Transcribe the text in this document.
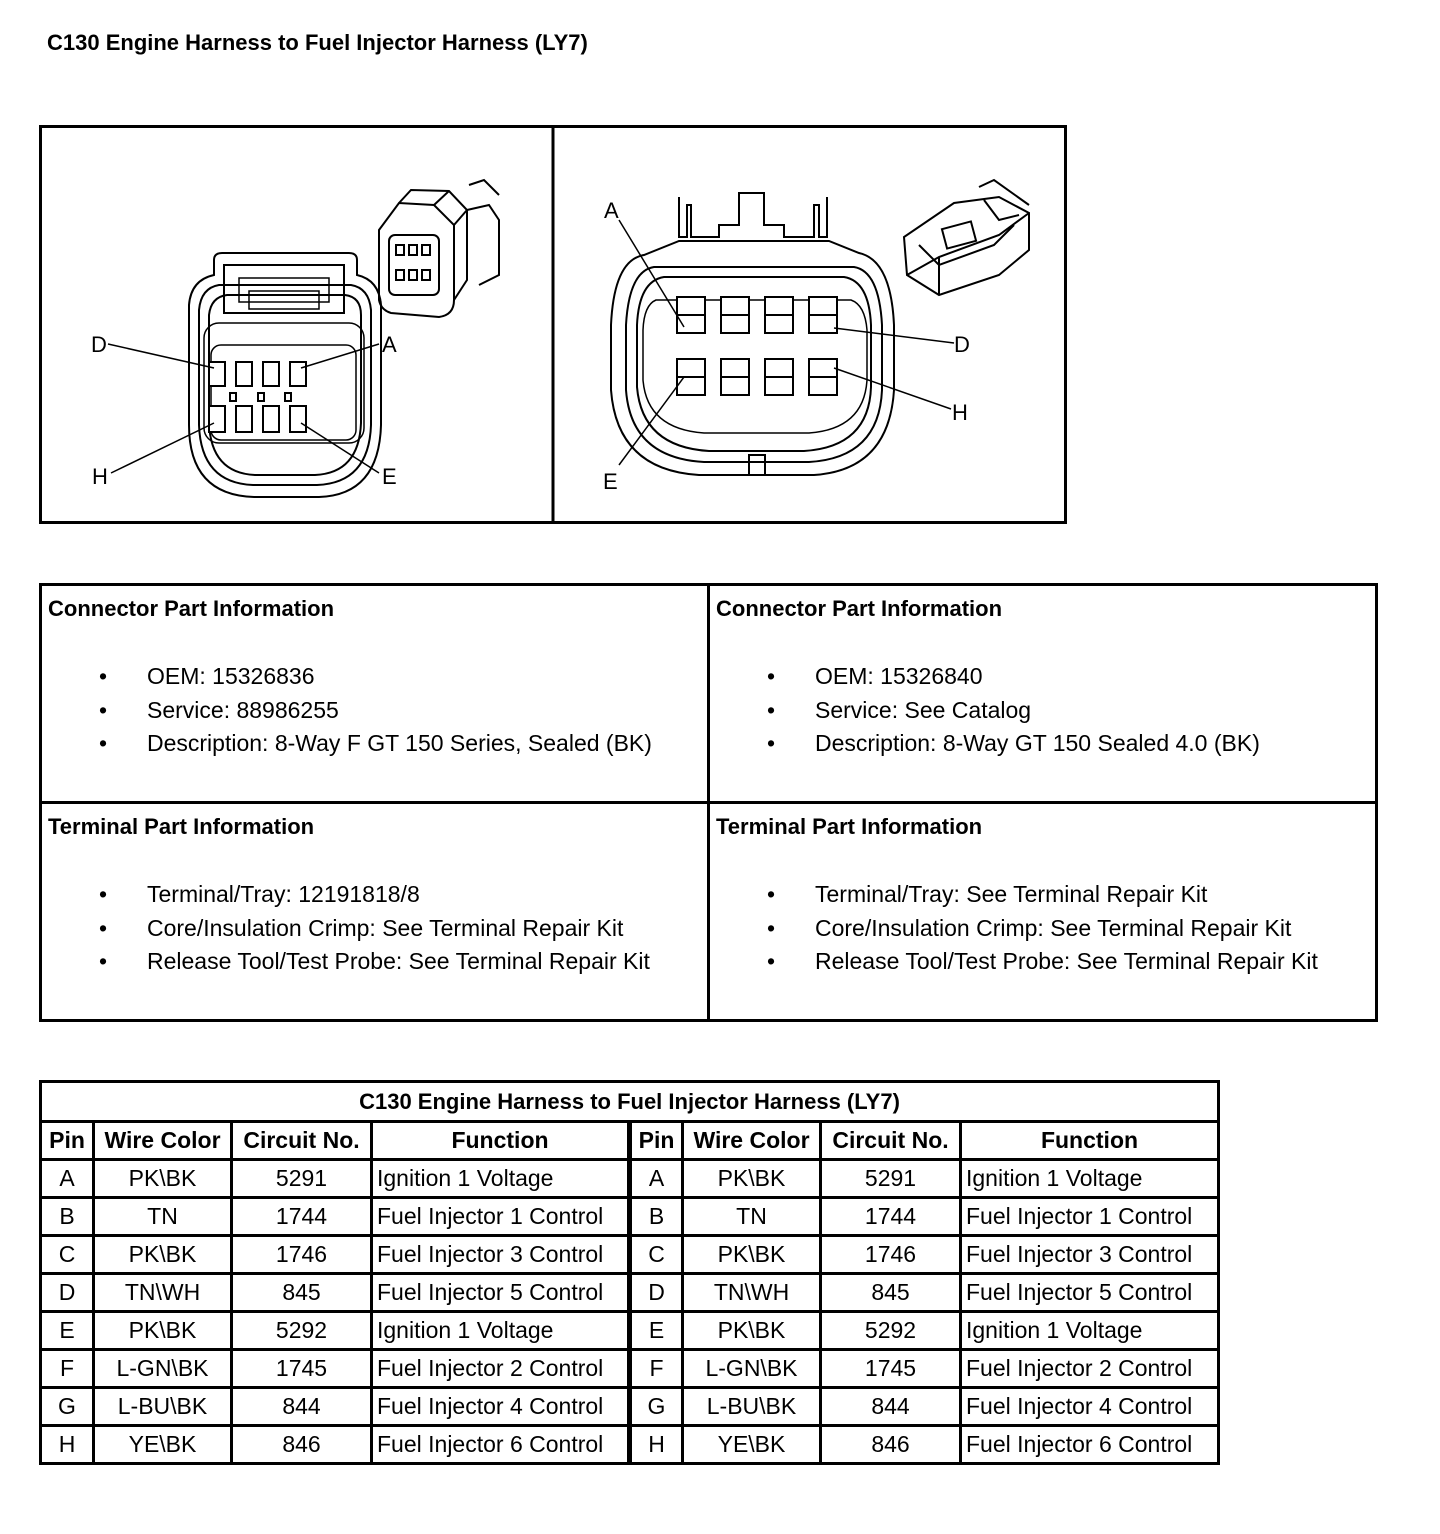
C130 Engine Harness to Fuel Injector Harness (LY7)
D	A
H	E
A
D
H
E
Connector Part Information
• OEM: 15326836
• Service: 88986255
• Description: 8-Way F GT 150 Series, Sealed (BK)
Connector Part Information
• OEM: 15326840
• Service: See Catalog
• Description: 8-Way GT 150 Sealed 4.0 (BK)
Terminal Part Information
• Terminal/Tray: 12191818/8
• Core/Insulation Crimp: See Terminal Repair Kit
• Release Tool/Test Probe: See Terminal Repair Kit
Terminal Part Information
• Terminal/Tray: See Terminal Repair Kit
• Core/Insulation Crimp: See Terminal Repair Kit
• Release Tool/Test Probe: See Terminal Repair Kit
C130 Engine Harness to Fuel Injector Harness (LY7)							
Pin	Wire Color	Circuit No.	Function	Pin	Wire Color	Circuit No.	Function
A	PK\BK	5291	Ignition 1 Voltage	A	PK\BK	5291	Ignition 1 Voltage
B	TN	1744	Fuel Injector 1 Control	B	TN	1744	Fuel Injector 1 Control
C	PK\BK	1746	Fuel Injector 3 Control	C	PK\BK	1746	Fuel Injector 3 Control
D	TN\WH	845	Fuel Injector 5 Control	D	TN\WH	845	Fuel Injector 5 Control
E	PK\BK	5292	Ignition 1 Voltage	E	PK\BK	5292	Ignition 1 Voltage
F	L-GN\BK	1745	Fuel Injector 2 Control	F	L-GN\BK	1745	Fuel Injector 2 Control
G	L-BU\BK	844	Fuel Injector 4 Control	G	L-BU\BK	844	Fuel Injector 4 Control
H	YE\BK	846	Fuel Injector 6 Control	H	YE\BK	846	Fuel Injector 6 Control
